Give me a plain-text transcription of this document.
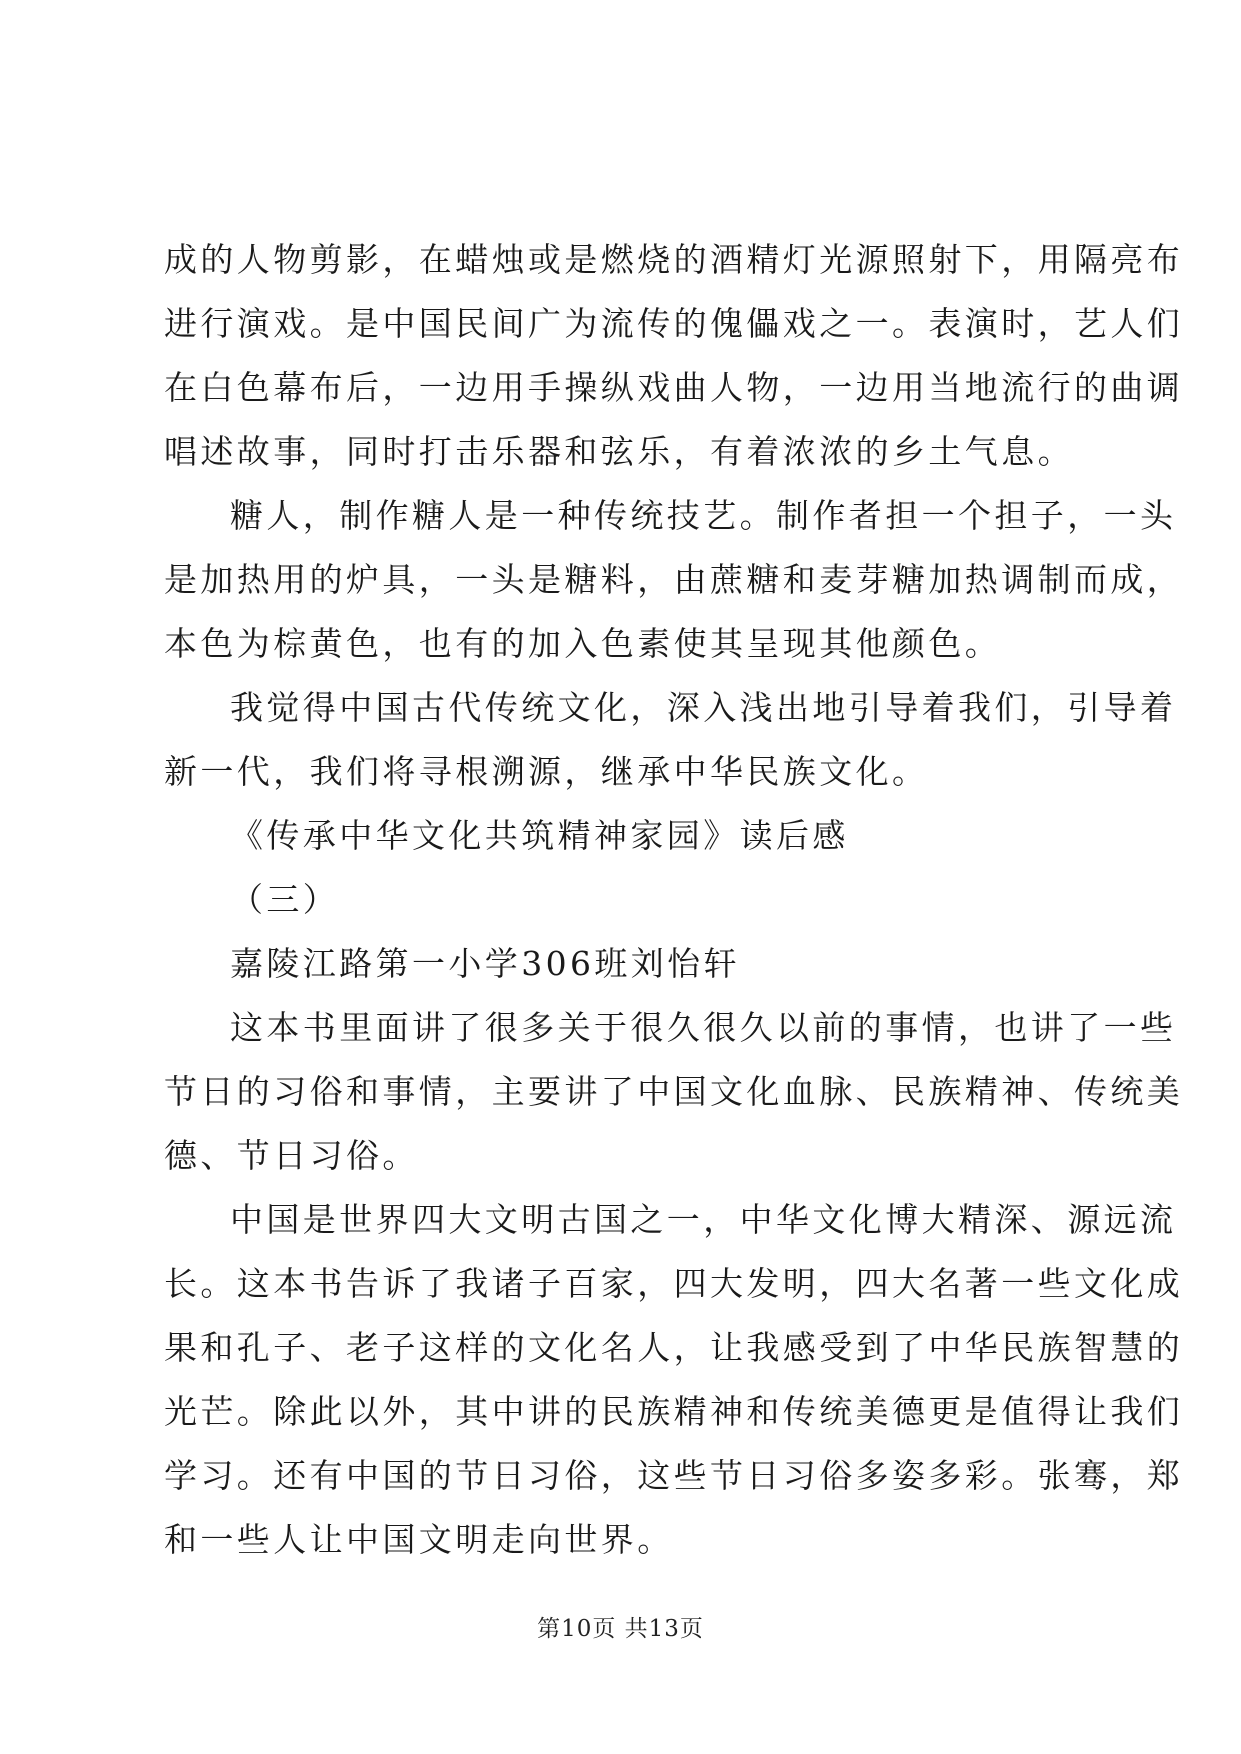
成的人物剪影，在蜡烛或是燃烧的酒精灯光源照射下，用隔亮布
进行演戏。是中国民间广为流传的傀儡戏之一。表演时，艺人们
在白色幕布后，一边用手操纵戏曲人物，一边用当地流行的曲调
唱述故事，同时打击乐器和弦乐，有着浓浓的乡土气息。
糖人，制作糖人是一种传统技艺。制作者担一个担子，一头
是加热用的炉具，一头是糖料，由蔗糖和麦芽糖加热调制而成，
本色为棕黄色，也有的加入色素使其呈现其他颜色。
我觉得中国古代传统文化，深入浅出地引导着我们，引导着
新一代，我们将寻根溯源，继承中华民族文化。
《传承中华文化共筑精神家园》读后感
（三）
嘉陵江路第一小学306班刘怡轩
这本书里面讲了很多关于很久很久以前的事情，也讲了一些
节日的习俗和事情，主要讲了中国文化血脉、民族精神、传统美
德、节日习俗。
中国是世界四大文明古国之一，中华文化博大精深、源远流
长。这本书告诉了我诸子百家，四大发明，四大名著一些文化成
果和孔子、老子这样的文化名人，让我感受到了中华民族智慧的
光芒。除此以外，其中讲的民族精神和传统美德更是值得让我们
学习。还有中国的节日习俗，这些节日习俗多姿多彩。张骞，郑
和一些人让中国文明走向世界。
第10页 共13页
